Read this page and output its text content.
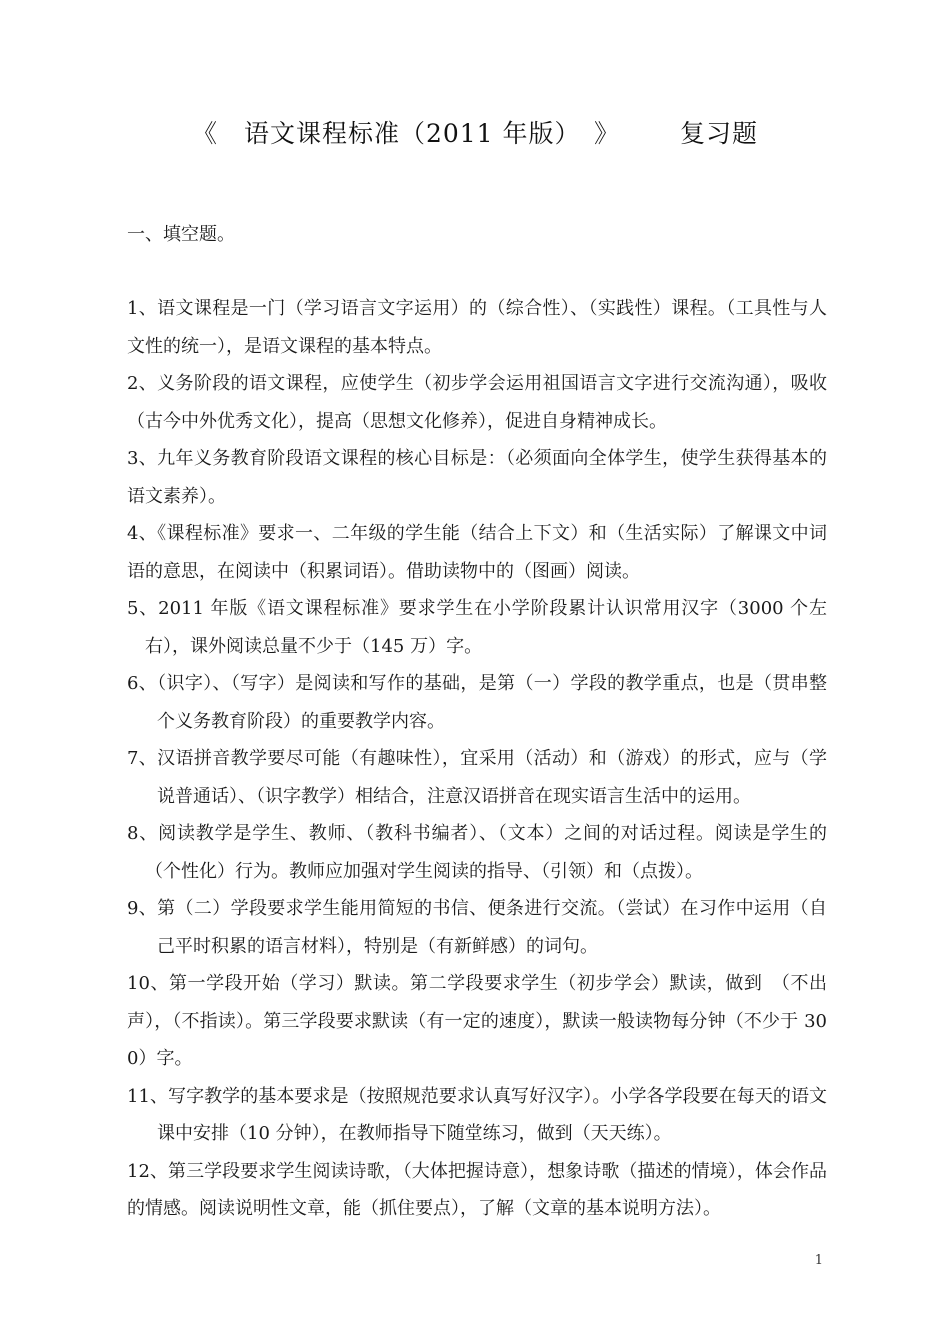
《　语文课程标准（2011 年版）　》 复习题
一、填空题。
1、语文课程是一门（学习语言文字运用）的（综合性）、（实践性）课程。（工具性与人文性的统一），是语文课程的基本特点。
2、义务阶段的语文课程，应使学生（初步学会运用祖国语言文字进行交流沟通），吸收（古今中外优秀文化），提高（思想文化修养），促进自身精神成长。
3、九年义务教育阶段语文课程的核心目标是：（必须面向全体学生，使学生获得基本的语文素养）。
4、《课程标准》要求一、二年级的学生能（结合上下文）和（生活实际）了解课文中词语的意思，在阅读中（积累词语）。借助读物中的（图画）阅读。
5、2011 年版《语文课程标准》要求学生在小学阶段累计认识常用汉字（3000 个左右），课外阅读总量不少于（145 万）字。
6、（识字）、（写字）是阅读和写作的基础，是第（一）学段的教学重点，也是（贯串整个义务教育阶段）的重要教学内容。
7、汉语拼音教学要尽可能（有趣味性），宜采用（活动）和（游戏）的形式，应与（学说普通话）、（识字教学）相结合，注意汉语拼音在现实语言生活中的运用。
8、阅读教学是学生、教师、（教科书编者）、（文本）之间的对话过程。阅读是学生的（个性化）行为。教师应加强对学生阅读的指导、（引领）和（点拨）。
9、第（二）学段要求学生能用简短的书信、便条进行交流。（尝试）在习作中运用（自己平时积累的语言材料），特别是（有新鲜感）的词句。
10、第一学段开始（学习）默读。第二学段要求学生（初步学会）默读，做到　（不出声），（不指读）。第三学段要求默读（有一定的速度），默读一般读物每分钟（不少于 300）字。
11、写字教学的基本要求是（按照规范要求认真写好汉字）。小学各学段要在每天的语文课中安排（10 分钟），在教师指导下随堂练习，做到（天天练）。
12、第三学段要求学生阅读诗歌，（大体把握诗意），想象诗歌（描述的情境），体会作品的情感。阅读说明性文章，能（抓住要点），了解（文章的基本说明方法）。
1
